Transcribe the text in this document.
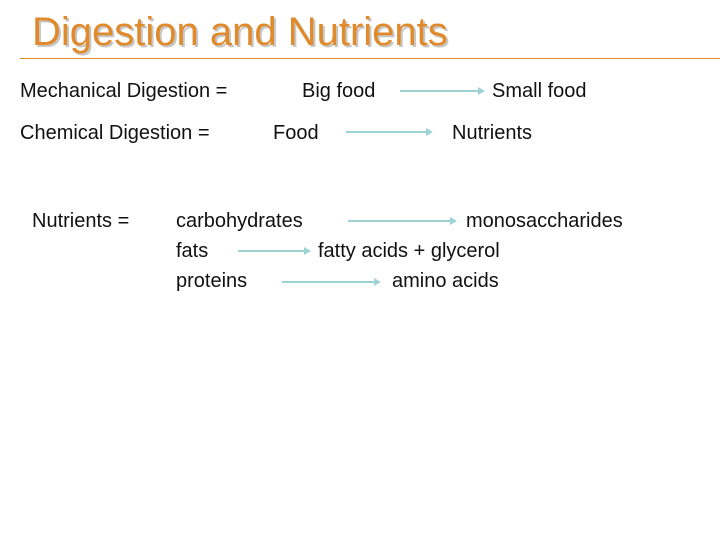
Digestion and Nutrients
Mechanical Digestion =	Big food	Small food
Chemical Digestion =	Food	Nutrients
Nutrients = carbohydrates	monosaccharides
fats	fatty acids + glycerol
proteins	amino acids
